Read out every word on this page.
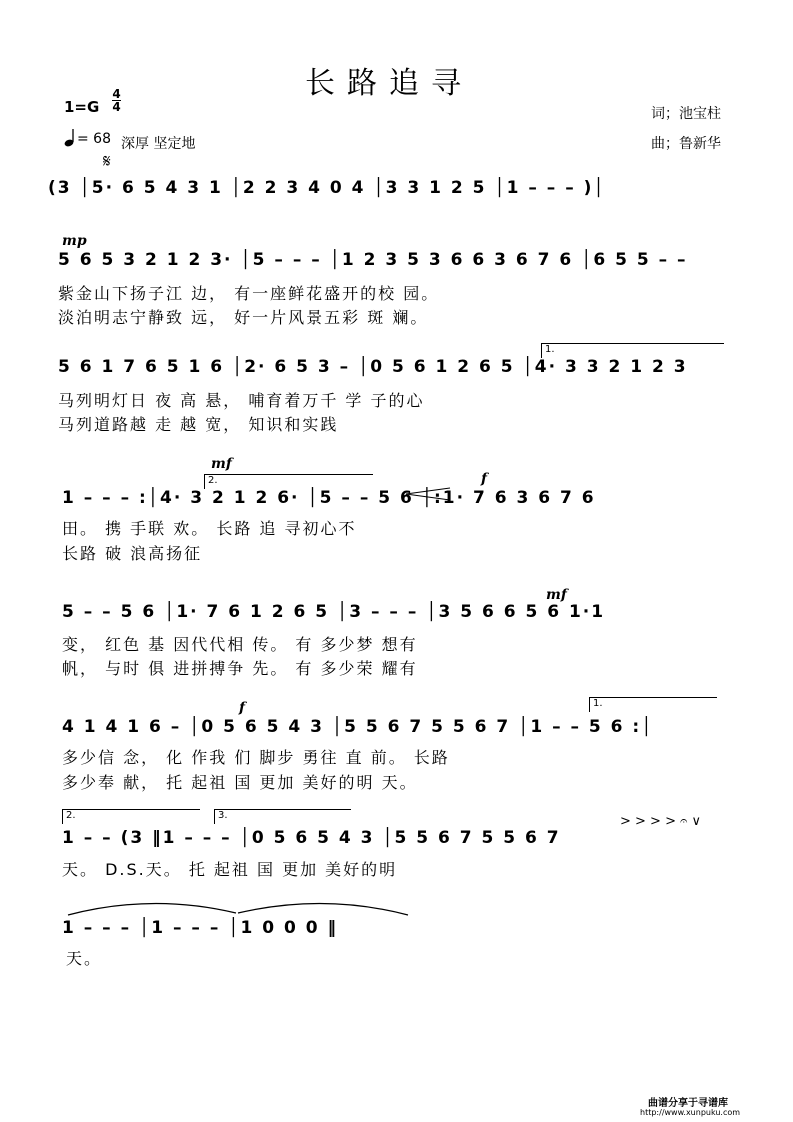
长路追寻
1=G
4
4
= 68 深厚 坚定地
词；池宝柱
曲；鲁新华
𝄋
(3 │5· 6 5 4 3 1 │2 2 3 4 0 4 │3 3 1 2 5 │1 – – – )│
mp
5 6 5 3 2 1 2 3· │5 – – – │1 2 3 5 3 6 6 3 6 7 6 │6 5 5 – –
紫金山下扬子江 边， 有一座鲜花盛开的校 园。
淡泊明志宁静致 远， 好一片风景五彩 斑 斓。
5 6 1 7 6 5 1 6 │2· 6 5 3 – │0 5 6 1 2 6 5 │4· 3 3 2 1 2 3
1.
马列明灯日 夜 高 悬， 哺育着万千 学 子的心
马列道路越 走 越 宽， 知识和实践
mf
2.	f
1 – – – :│4· 3 2 1 2 6· │5 – – 5 6 │:1· 7 6 3 6 7 6
田。 携 手联 欢。 长路 追 寻初心不
长路 破 浪高扬征
mf
5 – – 5 6 │1· 7 6 1 2 6 5 │3 – – – │3 5 6 6 5 6 1·1
变， 红色 基 因代代相 传。 有 多少梦 想有
帆， 与时 俱 进拼搏争 先。 有 多少荣 耀有
f	1.
4 1 4 1 6 – │0 5 6 5 4 3 │5 5 6 7 5 5 6 7 │1 – – 5 6 :│
多少信 念， 化 作我 们 脚步 勇往 直 前。 长路
多少奉 献， 托 起祖 国 更加 美好的明 天。
2.	3.	> > > > 𝄐 ∨
1 – – (3 ‖1 – – – │0 5 6 5 4 3 │5 5 6 7 5 5 6 7
天。 D.S.天。 托 起祖 国 更加 美好的明
1 – – – │1 – – – │1 0 0 0 ‖
天。
曲谱分享于寻谱库
http://www.xunpuku.com
